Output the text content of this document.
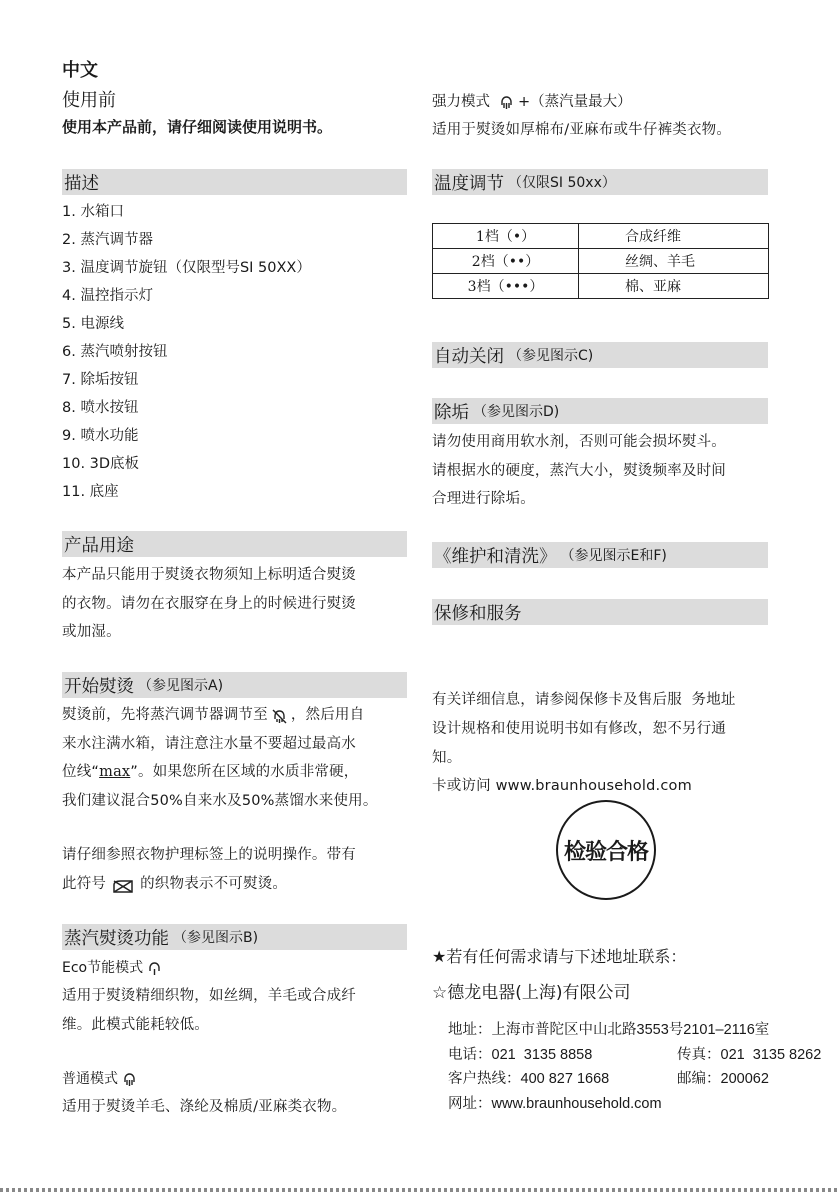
中文
使用前
使用本产品前，请仔细阅读使用说明书。
描述
1. 水箱口
2. 蒸汽调节器
3. 温度调节旋钮（仅限型号SI 50XX）
4. 温控指示灯
5. 电源线
6. 蒸汽喷射按钮
7. 除垢按钮
8. 喷水按钮
9. 喷水功能
10. 3D底板
11. 底座
产品用途
本产品只能用于熨烫衣物须知上标明适合熨烫
的衣物。请勿在衣服穿在身上的时候进行熨烫
或加湿。
开始熨烫 （参见图示A)
熨烫前，先将蒸汽调节器调节至 ，然后用自
来水注满水箱，请注意注水量不要超过最高水
位线“max”。如果您所在区域的水质非常硬，
我们建议混合50%自来水及50%蒸馏水来使用。
请仔细参照衣物护理标签上的说明操作。带有
此符号 的织物表示不可熨烫。
蒸汽熨烫功能 （参见图示B)
Eco节能模式
适用于熨烫精细织物，如丝绸，羊毛或合成纤
维。此模式能耗较低。
普通模式
适用于熨烫羊毛、涤纶及棉质/亚麻类衣物。
强力模式 +（蒸汽量最大）
适用于熨烫如厚棉布/亚麻布或牛仔裤类衣物。
温度调节 （仅限SI 50xx）
1档（•）	合成纤维
2档（••）	丝绸、羊毛
3档（•••）	棉、亚麻
自动关闭 （参见图示C)
除垢 （参见图示D)
请勿使用商用软水剂，否则可能会损坏熨斗。
请根据水的硬度，蒸汽大小，熨烫频率及时间
合理进行除垢。
《维护和清洗》 （参见图示E和F)
保修和服务

有关详细信息，请参阅保修卡及售后服  务地址

卡或访问 www.braunhousehold.com

设计规格和使用说明书如有修改，恕不另行通
知。
检验合格
★若有任何需求请与下述地址联系：
☆德龙电器(上海)有限公司
地址：上海市普陀区中山北路3553号2101–2116室
电话：021  3135 8858	传真：021  3135 8262
客户热线：400 827 1668	邮编：200062
网址：www.braunhousehold.com
